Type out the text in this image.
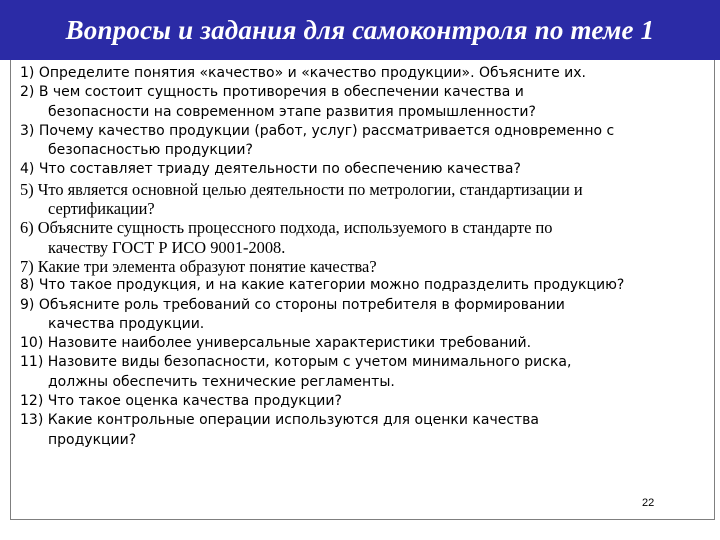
Вопросы и задания для самоконтроля по теме 1
1) Определите понятия «качество» и «качество продукции». Объясните их.
2) В чем состоит сущность противоречия в обеспечении качества и
безопасности на современном этапе развития промышленности?
3) Почему качество продукции (работ, услуг) рассматривается одновременно с
безопасностью продукции?
4) Что составляет триаду деятельности по обеспечению качества?
5) Что является основной целью деятельности по метрологии, стандартизации и
сертификации?
6) Объясните сущность процессного подхода, используемого в стандарте по
качеству ГОСТ Р ИСО 9001-2008.
7) Какие три элемента образуют понятие качества?
8) Что такое продукция, и на какие категории можно подразделить продукцию?
9) Объясните роль требований со стороны потребителя в формировании
качества продукции.
10) Назовите наиболее универсальные характеристики требований.
11) Назовите виды безопасности, которым с учетом минимального риска,
должны обеспечить технические регламенты.
12) Что такое оценка качества продукции?
13) Какие контрольные операции используются для оценки качества
продукции?
22
